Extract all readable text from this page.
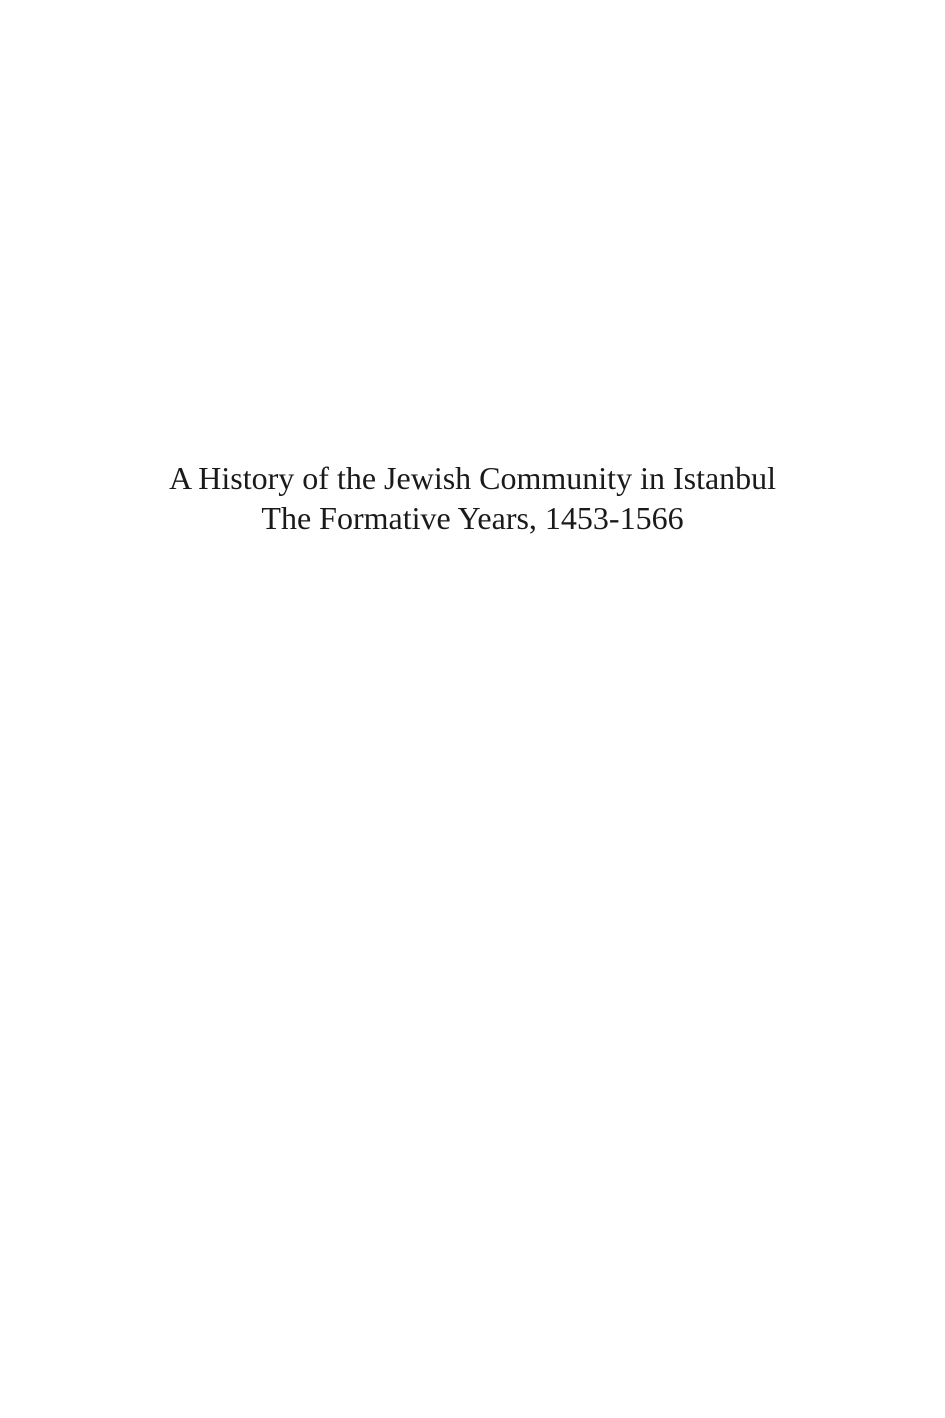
A History of the Jewish Community in Istanbul
The Formative Years, 1453-1566
